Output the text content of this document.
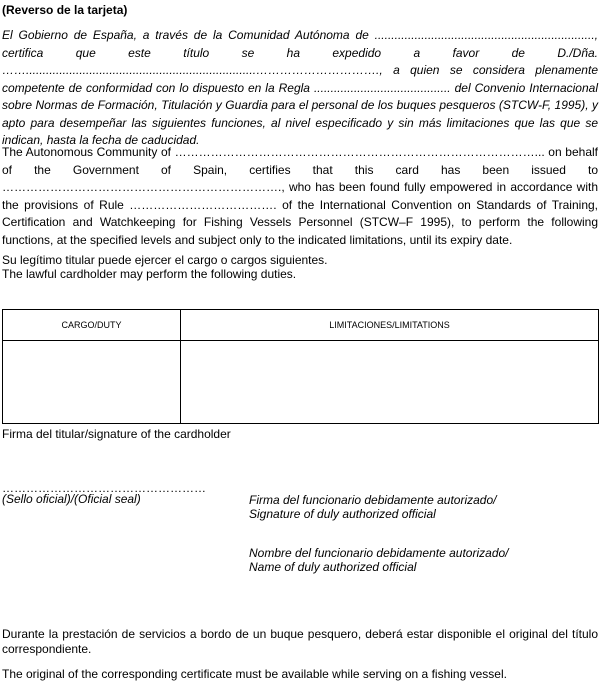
(Reverso de la tarjeta)

El Gobierno de España, a través de la Comunidad Autónoma de .................................................................., certifica que este título se ha expedido a favor de D./Dña. …….....................................................................…………………………., a quien se considera plenamente competente de conformidad con lo dispuesto en la Regla ......................................... del Convenio Internacional sobre Normas de Formación, Titulación y Guardia para el personal de los buques pesqueros (STCW-F, 1995), y apto para desempeñar las siguientes funciones, al nivel especificado y sin más limitaciones que las que se indican, hasta la fecha de caducidad.

The Autonomous Community of ………………………………………………………………………………... on behalf of the Government of Spain, certifies that this card has been issued to ……………………………………………………………., who has been found fully empowered in accordance with the provisions of Rule ………………………………. of the International Convention on Standards of Training, Certification and Watchkeeping for Fishing Vessels Personnel (STCW–F 1995), to perform the following functions, at the specified levels and subject only to the indicated limitations, until its expiry date.

Su legítimo titular puede ejercer el cargo o cargos siguientes.
The lawful cardholder may perform the following duties.
CARGO/DUTY	LIMITACIONES/LIMITATIONS

Firma del titular/signature of the cardholder
……………………………………………
(Sello oficial)/(Oficial seal)	Firma del funcionario debidamente autorizado/
Signature of duly authorized official
Nombre del funcionario debidamente autorizado/
Name of duly authorized official

Durante la prestación de servicios a bordo de un buque pesquero, deberá estar disponible el original del título correspondiente.

The original of the corresponding certificate must be available while serving on a fishing vessel.
